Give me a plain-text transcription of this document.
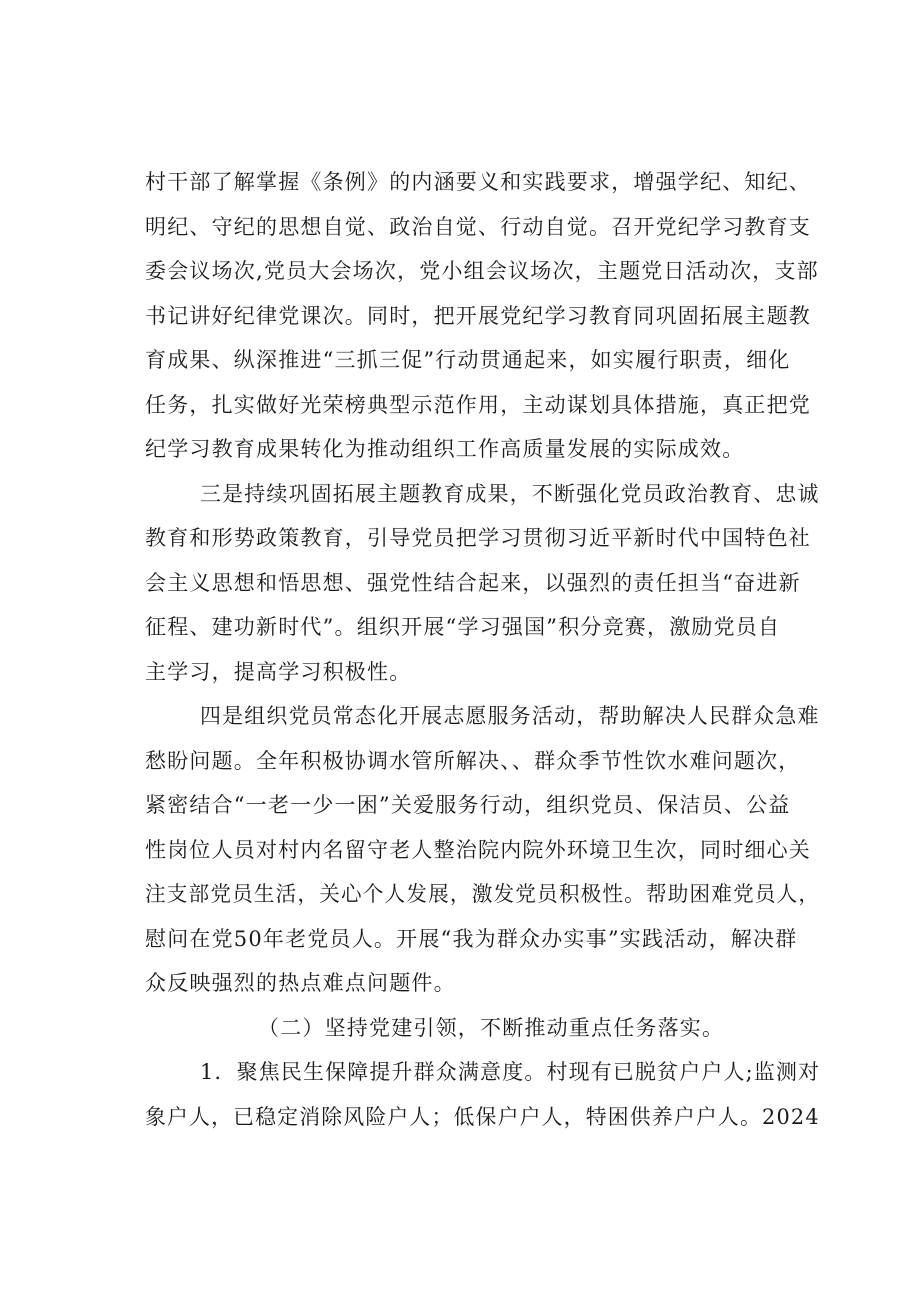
村干部了解掌握《条例》的内涵要义和实践要求，增强学纪、知纪、
明纪、守纪的思想自觉、政治自觉、行动自觉。召开党纪学习教育支
委会议场次,党员大会场次，党小组会议场次，主题党日活动次，支部
书记讲好纪律党课次。同时，把开展党纪学习教育同巩固拓展主题教
育成果、纵深推进“三抓三促”行动贯通起来，如实履行职责，细化
任务，扎实做好光荣榜典型示范作用，主动谋划具体措施，真正把党
纪学习教育成果转化为推动组织工作高质量发展的实际成效。
三是持续巩固拓展主题教育成果，不断强化党员政治教育、忠诚
教育和形势政策教育，引导党员把学习贯彻习近平新时代中国特色社
会主义思想和悟思想、强党性结合起来，以强烈的责任担当“奋进新
征程、建功新时代”。组织开展“学习强国”积分竞赛，激励党员自
主学习，提高学习积极性。
四是组织党员常态化开展志愿服务活动，帮助解决人民群众急难
愁盼问题。全年积极协调水管所解决、、群众季节性饮水难问题次，
紧密结合“一老一少一困”关爱服务行动，组织党员、保洁员、公益
性岗位人员对村内名留守老人整治院内院外环境卫生次，同时细心关
注支部党员生活，关心个人发展，激发党员积极性。帮助困难党员人，
慰问在党50年老党员人。开展“我为群众办实事”实践活动，解决群
众反映强烈的热点难点问题件。
（二）坚持党建引领，不断推动重点任务落实。
1．聚焦民生保障提升群众满意度。村现有已脱贫户户人;监测对
象户人，已稳定消除风险户人；低保户户人，特困供养户户人。2024
